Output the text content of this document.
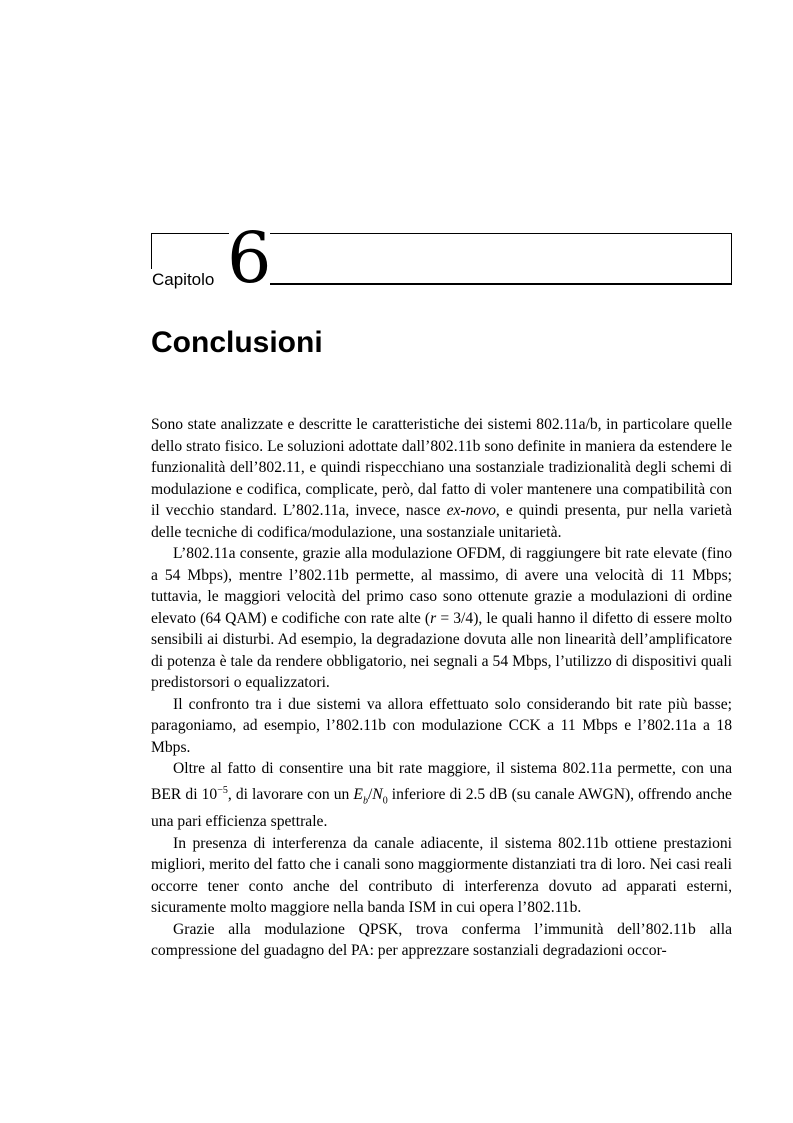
Capitolo 6
Conclusioni

Sono state analizzate e descritte le caratteristiche dei sistemi 802.11a/b, in particolare quelle dello strato fisico. Le soluzioni adottate dall’802.11b sono definite in maniera da estendere le funzionalità dell’802.11, e quindi rispecchiano una sostanziale tradizionalità degli schemi di modulazione e codifica, complicate, però, dal fatto di voler mantenere una compatibilità con il vecchio standard. L’802.11a, invece, nasce ex-novo, e quindi presenta, pur nella varietà delle tecniche di codifica/modulazione, una sostanziale unitarietà.

L’802.11a consente, grazie alla modulazione OFDM, di raggiungere bit rate elevate (fino a 54 Mbps), mentre l’802.11b permette, al massimo, di avere una velocità di 11 Mbps; tuttavia, le maggiori velocità del primo caso sono ottenute grazie a modulazioni di ordine elevato (64 QAM) e codifiche con rate alte (r = 3/4), le quali hanno il difetto di essere molto sensibili ai disturbi. Ad esempio, la degradazione dovuta alle non linearità dell’amplificatore di potenza è tale da rendere obbligatorio, nei segnali a 54 Mbps, l’utilizzo di dispositivi quali predistorsori o equalizzatori.

Il confronto tra i due sistemi va allora effettuato solo considerando bit rate più basse; paragoniamo, ad esempio, l’802.11b con modulazione CCK a 11 Mbps e l’802.11a a 18 Mbps.

Oltre al fatto di consentire una bit rate maggiore, il sistema 802.11a permette, con una BER di $10^{-5}$, di lavorare con un $E_b/N_0$ inferiore di 2.5 dB (su canale AWGN), offrendo anche una pari efficienza spettrale.

In presenza di interferenza da canale adiacente, il sistema 802.11b ottiene prestazioni migliori, merito del fatto che i canali sono maggiormente distanziati tra di loro. Nei casi reali occorre tener conto anche del contributo di interferenza dovuto ad apparati esterni, sicuramente molto maggiore nella banda ISM in cui opera l’802.11b.

Grazie alla modulazione QPSK, trova conferma l’immunità dell’802.11b alla compressione del guadagno del PA: per apprezzare sostanziali degradazioni occor-
